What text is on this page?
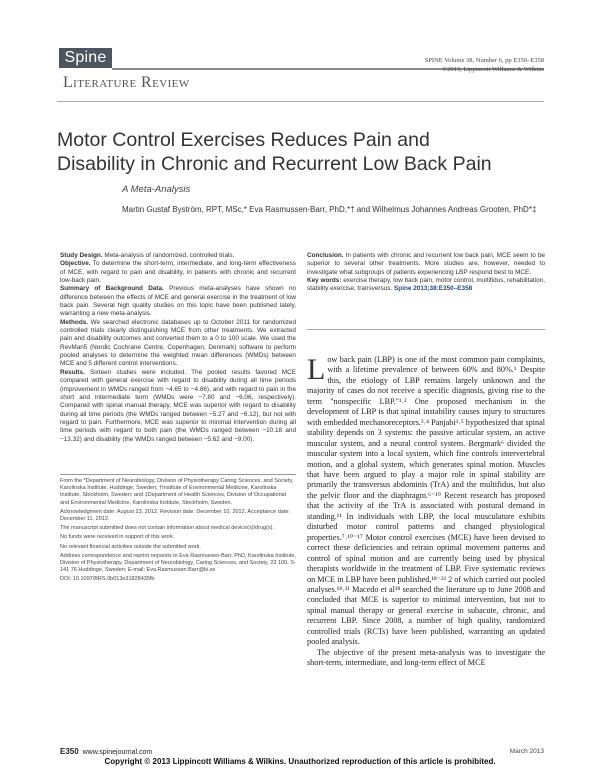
Spine	SPINE Volume 38, Number 6, pp E350–E358
©2013, Lippincott Williams & Wilkins
Literature Review
Motor Control Exercises Reduces Pain and
Disability in Chronic and Recurrent Low Back Pain
A Meta-Analysis
Martin Gustaf Byström, RPT, MSc,* Eva Rasmussen-Barr, PhD,*† and Wilhelmus Johannes Andreas Grooten, PhD*‡

Study Design. Meta-analysis of randomized, controlled trials.

Objective. To determine the short-term, intermediate, and long-term effectiveness of MCE, with regard to pain and disability, in patients with chronic and recurrent low-back pain.

Summary of Background Data. Previous meta-analyses have shown no difference between the effects of MCE and general exercise in the treatment of low back pain. Several high quality studies on this topic have been published lately, warranting a new meta-analysis.

Methods. We searched electronic databases up to October 2011 for randomized controlled trials clearly distinguishing MCE from other treatments. We extracted pain and disability outcomes and converted them to a 0 to 100 scale. We used the RevMan5 (Nordic Cochrane Centre, Copenhagen, Denmark) software to perform pooled analyses to determine the weighted mean differences (WMDs) between MCE and 5 different control interventions.

Results. Sixteen studies were included. The pooled results favored MCE compared with general exercise with regard to disability during all time periods (improvement in WMDs ranged from −4.65 to −4.86), and with regard to pain in the short and intermediate term (WMDs were −7.80 and −6.06, respectively). Compared with spinal manual therapy, MCE was superior with regard to disability during all time periods (the WMDs ranged between −5.27 and −6.12), but not with regard to pain. Furthermore, MCE was superior to minimal intervention during all time periods with regard to both pain (the WMDs ranged between −10.18 and −13.32) and disability (the WMDs ranged between −5.62 and −9.00).

Conclusion. In patients with chronic and recurrent low back pain, MCE seem to be superior to several other treatments. More studies are, however, needed to investigate what subgroups of patients experiencing LBP respond best to MCE.

Key words: exercise therapy, low back pain, motor control, multifidus, rehabilitation, stability exercise, transversus. Spine 2013;38:E350–E358

From the *Department of Neurobiology, Division of Physiotherapy Caring Sciences, and Society, Karolinska Institute, Huddinge, Sweden; †Institute of Environmental Medicine, Karolinska Institute, Stockholm, Sweden; and ‡Department of Health Sciences, Division of Occupational and Environmental Medicine, Karolinska Institute, Stockholm, Sweden.

Acknowledgment date: August 23, 2012. Revision date: December 10, 2012. Acceptance date: December 11, 2012.

The manuscript submitted does not contain information about medical device(s)/drug(s).

No funds were received in support of this work.

No relevant financial activities outside the submitted work.

Address correspondence and reprint requests to Eva Rasmussen-Barr, PhD, Karolinska Institute, Division of Physiotherapy, Department of Neurobiology, Caring Sciences, and Society, 23 100, S-141 76 Huddinge, Sweden; E-mail: Eva.Rasmussen.Barr@ki.se

DOI: 10.1097/BRS.0b013e31828435fb

Low back pain (LBP) is one of the most common pain complaints, with a lifetime prevalence of between 60% and 80%.¹ Despite this, the etiology of LBP remains largely unknown and the majority of cases do not receive a specific diagnosis, giving rise to the term "nonspecific LBP."¹˒² One proposed mechanism in the development of LBP is that spinal instability causes injury to structures with embedded mechanoreceptors.³˒⁴ Panjabi³˒⁵ hypothesized that spinal stability depends on 3 systems: the passive articular system, an active muscular system, and a neural control system. Bergmark⁶ divided the muscular system into a local system, which fine controls intervertebral motion, and a global system, which generates spinal motion. Muscles that have been argued to play a major role in spinal stability are primarily the transversus abdominis (TrA) and the multifidus, but also the pelvic floor and the diaphragm.⁶⁻¹⁰ Recent research has proposed that the activity of the TrA is associated with postural demand in standing.¹¹ In individuals with LBP, the local musculature exhibits disturbed motor control patterns and changed physiological properties.⁷˒¹⁰⁻¹⁷ Motor control exercises (MCE) have been devised to correct these deficiencies and retrain optimal movement patterns and control of spinal motion and are currently being used by physical therapists worldwide in the treatment of LBP. Five systematic reviews on MCE in LBP have been published,¹⁸⁻²² 2 of which carried out pooled analyses.¹⁸˒²¹ Macedo et al¹⁸ searched the literature up to June 2008 and concluded that MCE is superior to minimal intervention, but not to spinal manual therapy or general exercise in subacute, chronic, and recurrent LBP. Since 2008, a number of high quality, randomized controlled trials (RCTs) have been published, warranting an updated pooled analysis.

The objective of the present meta-analysis was to investigate the short-term, intermediate, and long-term effect of MCE

E350 www.spinejournal.com	March 2013
Copyright © 2013 Lippincott Williams & Wilkins. Unauthorized reproduction of this article is prohibited.
